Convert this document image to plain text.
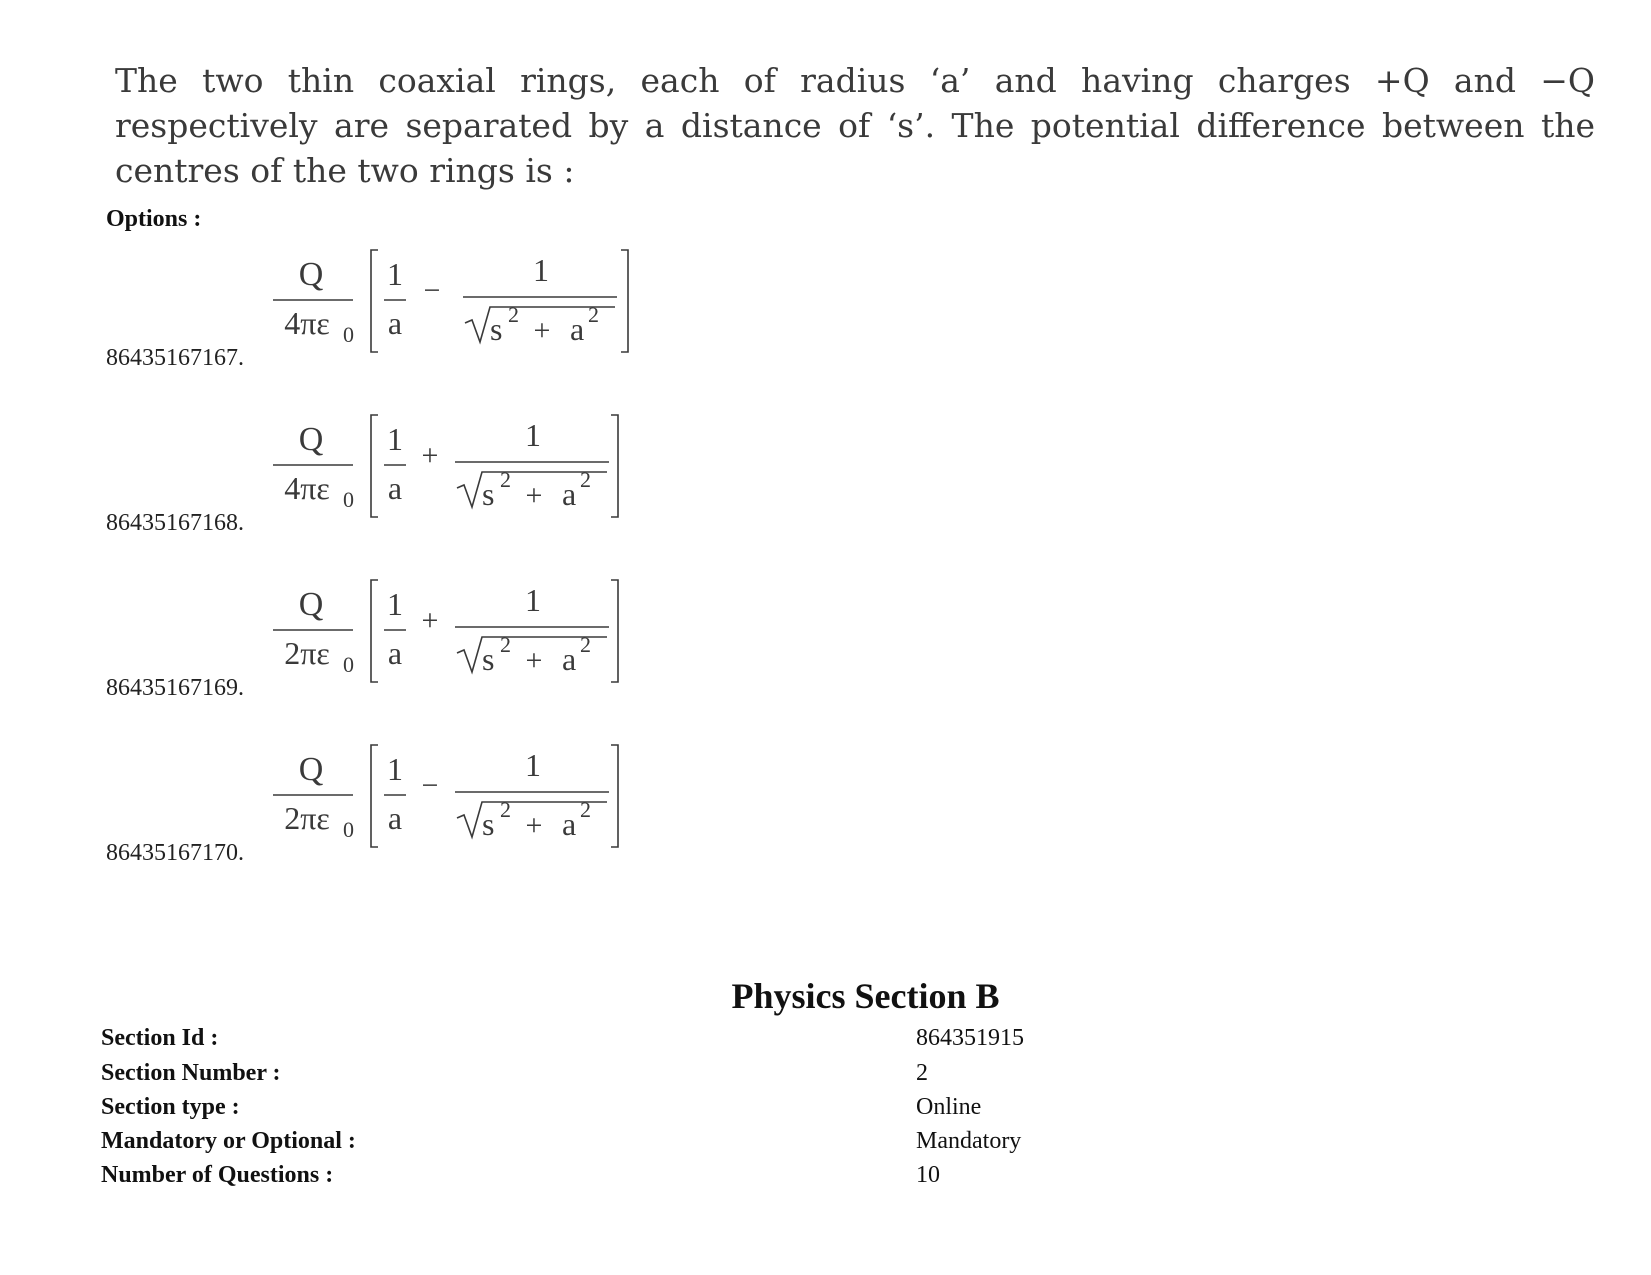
The two thin coaxial rings, each of radius ‘a’ and having charges +Q and −Q respectively are separated by a distance of ‘s’. The potential difference between the centres of the two rings is :
Options :
86435167167.
Q
4πε 0
1
a
−
1
s 2 + a 2
86435167168.
Q
4πε 0
1
a
+
1
s 2 + a 2
86435167169.
Q
2πε 0
1
a
+
1
s 2 + a 2
86435167170.
Q
2πε 0
1
a
−
1
s 2 + a 2
Physics Section B
Section Id :	864351915
Section Number :	2
Section type :	Online
Mandatory or Optional :	Mandatory
Number of Questions :	10
